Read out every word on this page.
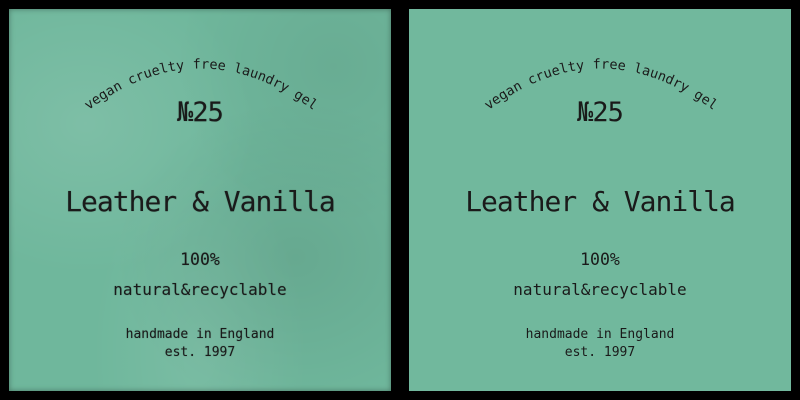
vegan cruelty free laundry gel
№25
Leather & Vanilla
100%
natural&recyclable
handmade in England
est. 1997
vegan cruelty free laundry gel
№25
Leather & Vanilla
100%
natural&recyclable
handmade in England
est. 1997
